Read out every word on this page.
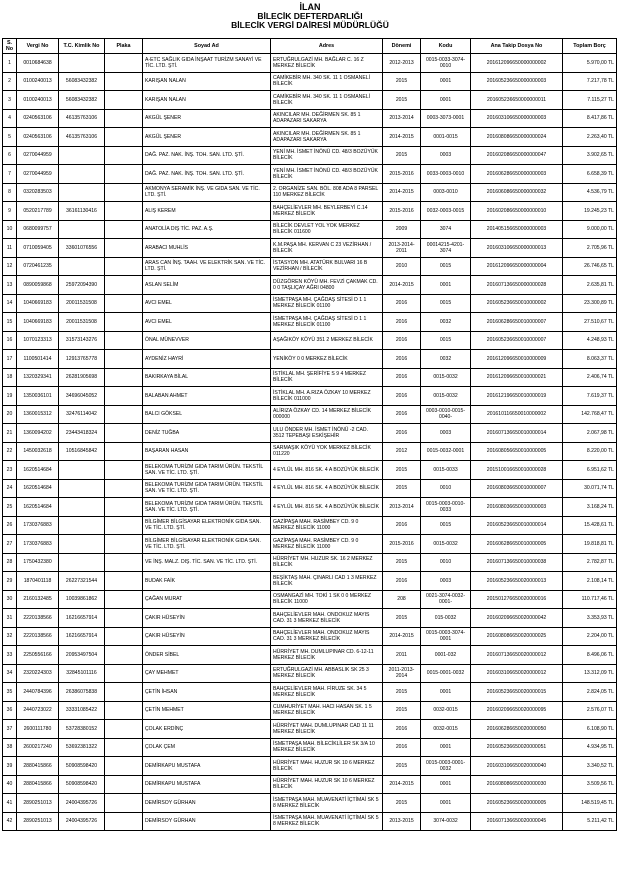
İLAN
BİLECİK DEFTERDARLIĞI
BİLECİK VERGİ DAİRESİ MÜDÜRLÜĞÜ
S. No	Vergi No	T.C. Kimlik No	Plaka	Soyad Ad	Adres	Dönemi	Kodu	Ana Takip Dosya No	Toplam Borç
1	0010684638			A-ETC SAĞLIK GIDA İNŞAAT TURİZM SANAYİ VE TİC. LTD. ŞTİ.	ERTUĞRULGAZİ MH. BAĞLAR C. 16 Z MERKEZ BİLECİK	2012-2013	0015-0033-3074-0010	201612096650000000002	5.970,00 TL
2	0100240013	56083432382		KARIŞAN NALAN	CAMİKEBİR MH. 340 SK. 11 1 OSMANELİ BİLECİK	2015	0001	201605236650000000003	7.217,78 TL
3	0100240013	56083432382		KARIŞAN NALAN	CAMİKEBİR MH. 340 SK. 11 1 OSMANELİ BİLECİK	2015	0001	201605236650000000011	7.115,27 TL
4	0240563106	46135763106		AKGÜL ŞENER	AKINCILAR MH. DEĞİRMEN SK. 85 1 ADAPAZARI SAKARYA	2013-2014	0003-3073-0001	201603106650000000003	8.417,86 TL
5	0240563106	46135763106		AKGÜL ŞENER	AKINCILAR MH. DEĞİRMEN SK. 85 1 ADAPAZARI SAKARYA	2014-2015	0001-0015	201608086650000000024	2.263,40 TL
6	0270044959			DAĞ. PAZ. NAK. İNŞ. TOH. SAN. LTD. ŞTİ.	YENİ MH. İSMET İNÖNÜ CD. 48/3 BOZÜYÜK BİLECİK	2015	0003	201602086650000000047	3.902,65 TL
7	0270044959			DAĞ. PAZ. NAK. İNŞ. TOH. SAN. LTD. ŞTİ.	YENİ MH. İSMET İNÖNÜ CD. 48/3 BOZÜYÜK BİLECİK	2015-2016	0033-0003-0010	201606286650000000003	6.658,39 TL
8	0320283503			AKMONYA SERAMİK İNŞ. VE GIDA SAN. VE TİC. LTD. ŞTİ.	2. ORGANİZE SAN. BÖL. 808 ADA 8 PARSEL 110 MERKEZ BİLECİK	2014-2015	0003-0010	201606086650000000032	4.536,79 TL
9	0520217789	36161130416		ALIŞ KEREM	BAHÇELİEVLER MH. BEYLERBEYİ C.14 MERKEZ BİLECİK	2015-2016	0032-0003-0015	201602086650000000010	19.245,23 TL
10	0680099757			ANATOLİA DIŞ TİC. PAZ. A.Ş.	BİLECİK DEVLET YOL YOK MERKEZ BİLECİK 011600	2009	3074	201405156650000000003	9.000,00 TL
11	0710059405	33601076556		ARABACI MUHLİS	K.M.PAŞA MH. KERVAN C 23 VEZİRHAN / BİLECİK	2013-2014-2011	00014215-4201-3074	201603106650000000013	2.705,96 TL
12	0720461235			ARAS CAN İNŞ. TAAH. VE ELEKTRİK SAN. VE TİC. LTD. ŞTİ.	İSTASYON MH. ATATÜRK BULVARI 16 B VEZİRHAN / BİLECİK	2010	0015	201612096650000000004	26.746,65 TL
13	0890059868	25972094390		ASLAN SELİM	DÜZGÖREN KÖYÜ MH. FEVZİ ÇAKMAK CD. 0 0 TAŞLIÇAY AĞRI 04800	2014-2015	0001	201607136650000000028	2.635,81 TL
14	1040669183	20011531508		AVCI EMEL	İSMETPAŞA MH. ÇAĞDAŞ SİTESİ D 1 1 MERKEZ BİLECİK 01100	2016	0015	201605236650010000002	23.300,89 TL
15	1040669183	20011531508		AVCI EMEL	İSMETPAŞA MH. ÇAĞDAŞ SİTESİ D 1 1 MERKEZ BİLECİK 01100	2016	0032	201606286650010000007	27.510,67 TL
16	1070123313	31573143276		ÖNAL MÜNEVVER	AŞAĞIKÖY KÖYÜ 351 2 MERKEZ BİLECİK	2016	0015	201605236650010000007	4.248,93 TL
17	1100501414	12913765778		AYDENİZ HAYRİ	YENİKÖY 0 0 MERKEZ BİLECİK	2016	0032	201612096650010000009	8.063,37 TL
18	1320329341	26281905698		BAKIRKAYA BİLAL	İSTİKLAL MH. ŞERİFİYE S 9 4 MERKEZ BİLECİK	2016	0015-0032	201612096650010000021	2.406,74 TL
19	1350036101	34696045052		BALABAN AHMET	İSTİKLAL MH. A.RIZA ÖZKAY 10 MERKEZ BİLECİK 011000	2016	0015-0032	201612196650010000019	7.619,37 TL
20	1360015312	32476114042		BALCI GÖKSEL	ALİRIZA ÖZKAY CD. 14 MERKEZ BİLECİK 000000	2016	0003-0010-0015-0040-	201610116650010000002	142.768,47 TL
21	1360094202	23443418324		DENİZ TUĞBA	ULU ÖNDER MH. İSMET İNÖNÜ -2 CAD. 3512 TEPEBAŞI ESKİŞEHİR	2016	0003	201607136650010000014	2.067,98 TL
22	1450032618	10516845842		BAŞARAN HASAN	SARMAŞIK KÖYÜ YOK MERKEZ BİLECİK 011220	2012	0015-0032-0001	201608056650010000005	8.220,00 TL
23	1620514684			BELEKOMA TURİZM GIDA TARIM ÜRÜN. TEKSTİL SAN. VE TİC. LTD. ŞTİ.	4 EYLÜL MH. 816 SK. 4 A BOZÜYÜK BİLECİK	2015	0015-0033	201510016650010000028	6.951,62 TL
24	1620514684			BELEKOMA TURİZM GIDA TARIM ÜRÜN. TEKSTİL SAN. VE TİC. LTD. ŞTİ.	4 EYLÜL MH. 816 SK. 4 A BOZÜYÜK BİLECİK	2015	0010	201608036650010000007	30.071,74 TL
25	1620514684			BELEKOMA TURİZM GIDA TARIM ÜRÜN. TEKSTİL SAN. VE TİC. LTD. ŞTİ.	4 EYLÜL MH. 816 SK. 4 A BOZÜYÜK BİLECİK	2013-2014	0015-0003-0010-0033	201608036650010000003	3.168,24 TL
26	1730376883			BİLGİMER BİLGİSAYAR ELEKTRONİK GIDA SAN. VE TİC. LTD. ŞTİ.	GAZİPAŞA MAH. RASİMBEY CD. 9 0 MERKEZ BİLECİK 11000	2016	0015	201605236650010000014	15.428,61 TL
27	1730376883			BİLGİMER BİLGİSAYAR ELEKTRONİK GIDA SAN. VE TİC. LTD. ŞTİ.	GAZİPAŞA MAH. RASİMBEY CD. 9 0 MERKEZ BİLECİK 11000	2015-2016	0015-0032	201606286650010000005	19.818,81 TL
28	1750432380			VE İNŞ. MALZ. DIŞ. TİC. SAN. VE TİC. LTD. ŞTİ.	HÜRRİYET MH. HUZUR SK. 16 2 MERKEZ BİLECİK	2015	0010	201607136650010000038	2.782,87 TL
29	1870401118	26227321544		BUDAK FAİK	BEŞİKTAŞ MAH. ÇINARLI CAD 1 3 MERKEZ BİLECİK	2016	0003	201605236650020000013	2.108,14 TL
30	2160132485	10039861862		ÇAĞAN MURAT	OSMANGAZİ MH. TOKİ 1 SK 0 0 MERKEZ BİLECİK 11000	208	0021-3074-0032-0001-	201501276650020000016	110.717,46 TL
31	2220138566	16216657914		ÇAKIR HÜSEYİN	BAHÇELİEVLER MAH. ONDOKUZ MAYIS CAD. 31 3 MERKEZ BİLECİK	2015	015-0032	201602096650020000042	3.353,93 TL
32	2220138566	16216657914		ÇAKIR HÜSEYİN	BAHÇELİEVLER MAH. ONDOKUZ MAYIS CAD. 31 3 MERKEZ BİLECİK	2014-2015	0015-0003-3074-0001	201608086650020000025	2.204,00 TL
33	2250556166	20953497504		ÖNDER SİBEL	HÜRRİYET MH. DUMLUPINAR CD. 6-12-11 MERKEZ BİLECİK	2011	0001-032	201607136650020000012	8.496,06 TL
34	2320224303	32845101116		ÇAY MEHMET	ERTUĞRULGAZİ MH. ABBASLIK SK 25 3 MERKEZ BİLECİK	2011-2013-2014	0015-0001-0032	201603106650020000012	13.312,09 TL
35	2440784396	26386075838		ÇETİN İHSAN	BAHÇELİEVLER MAH. FİRUZE SK. 34 5 MERKEZ BİLECİK	2015	0001	201605236650020000015	2.824,05 TL
36	2440723022	33331085422		ÇETİN MEHMET	CUMHURİYET MAH. HACI HASAN SK. 1 5 MERKEZ BİLECİK	2015	0032-0015	201602096650020000095	2.576,07 TL
37	2600111780	53728380152		ÇOLAK ERDİNÇ	HÜRRİYET MAH. DUMLUPINAR CAD 11 11 MERKEZ BİLECİK	2016	0032-0015	201606286650020000050	6.108,90 TL
38	2600217240	53692381322		ÇOLAK ÇEM	İSMETPAŞA MAH. BİLECİKLİLER SK 3/A 10 MERKEZ BİLECİK	2016	0001	201605236650020000051	4.934,95 TL
39	2880415866	50908598420		DEMİRKAPU MUSTAFA	HÜRRİYET MAH. HUZUR SK 10 6 MERKEZ BİLECİK	2015	0015-0003-0001-0032	201603106650020000040	3.340,52 TL
40	2880415866	50908598420		DEMİRKAPU MUSTAFA	HÜRRİYET MAH. HUZUR SK 10 6 MERKEZ BİLECİK	2014-2015	0001	201608086650020000030	3.509,56 TL
41	2890251013	24004395726		DEMİRSOY GÜRHAN	İSMETPAŞA MAH. MUAVENATİ İÇTİMAİ SK 5 8 MERKEZ BİLECİK	2015	0001	201605236650020000005	148.519,45 TL
42	2890251013	24004395726		DEMİRSOY GÜRHAN	İSMETPAŞA MAH. MUAVENATİ İÇTİMAİ SK 5 8 MERKEZ BİLECİK	2013-2015	3074-0032	201607136650020000045	5.211,42 TL
